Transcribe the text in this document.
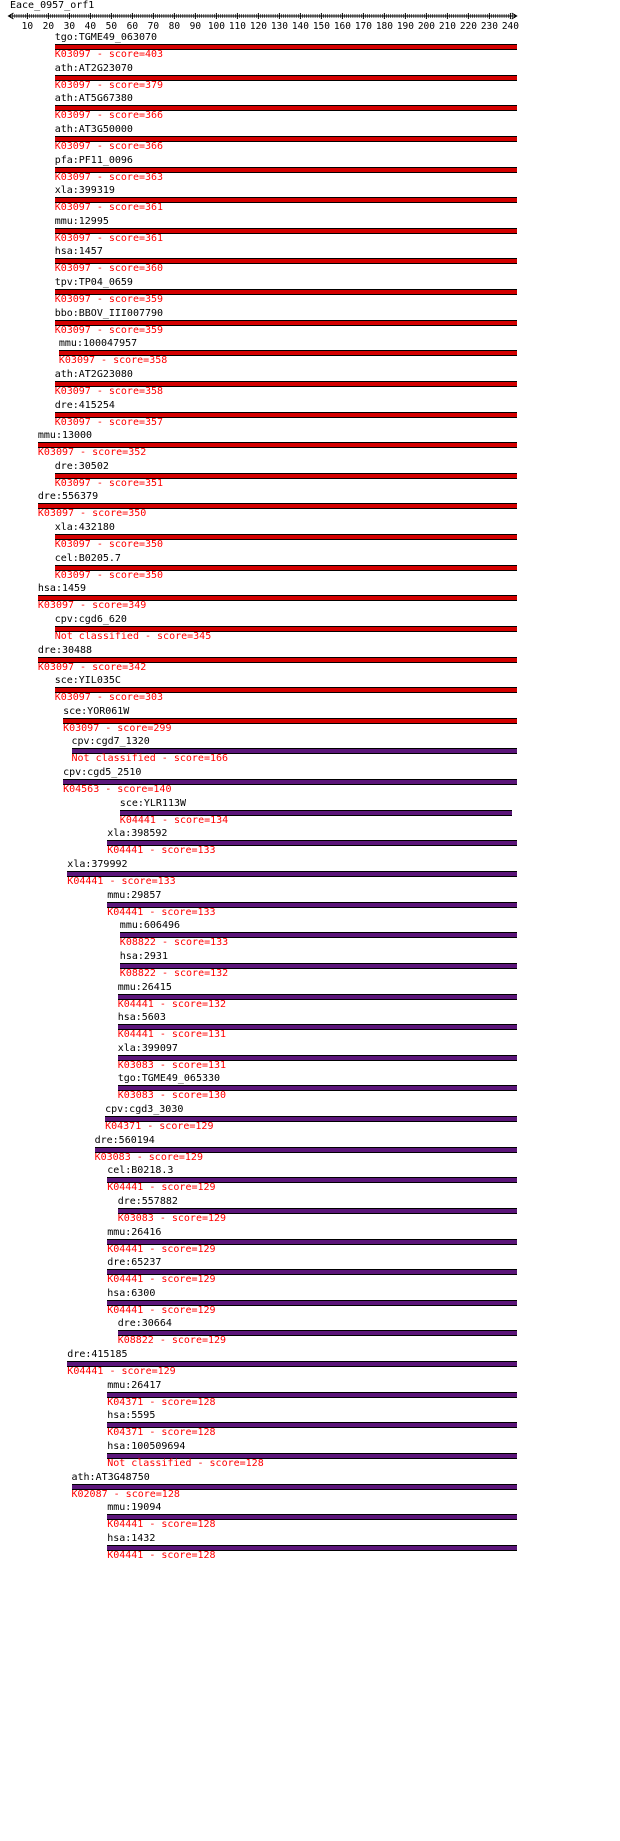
Eace_0957_orf1
10 20 30 40 50 60 70 80 90 100 110 120 130 140 150 160 170 180 190 200 210 220 230 240
tgo:TGME49_063070
K03097 - score=403
ath:AT2G23070
K03097 - score=379
ath:AT5G67380
K03097 - score=366
ath:AT3G50000
K03097 - score=366
pfa:PF11_0096
K03097 - score=363
xla:399319
K03097 - score=361
mmu:12995
K03097 - score=361
hsa:1457
K03097 - score=360
tpv:TP04_0659
K03097 - score=359
bbo:BBOV_III007790
K03097 - score=359
mmu:100047957
K03097 - score=358
ath:AT2G23080
K03097 - score=358
dre:415254
K03097 - score=357
mmu:13000
K03097 - score=352
dre:30502
K03097 - score=351
dre:556379
K03097 - score=350
xla:432180
K03097 - score=350
cel:B0205.7
K03097 - score=350
hsa:1459
K03097 - score=349
cpv:cgd6_620
Not classified - score=345
dre:30488
K03097 - score=342
sce:YIL035C
K03097 - score=303
sce:YOR061W
K03097 - score=299
cpv:cgd7_1320
Not classified - score=166
cpv:cgd5_2510
K04563 - score=140
sce:YLR113W
K04441 - score=134
xla:398592
K04441 - score=133
xla:379992
K04441 - score=133
mmu:29857
K04441 - score=133
mmu:606496
K08822 - score=133
hsa:2931
K08822 - score=132
mmu:26415
K04441 - score=132
hsa:5603
K04441 - score=131
xla:399097
K03083 - score=131
tgo:TGME49_065330
K03083 - score=130
cpv:cgd3_3030
K04371 - score=129
dre:560194
K03083 - score=129
cel:B0218.3
K04441 - score=129
dre:557882
K03083 - score=129
mmu:26416
K04441 - score=129
dre:65237
K04441 - score=129
hsa:6300
K04441 - score=129
dre:30664
K08822 - score=129
dre:415185
K04441 - score=129
mmu:26417
K04371 - score=128
hsa:5595
K04371 - score=128
hsa:100509694
Not classified - score=128
ath:AT3G48750
K02087 - score=128
mmu:19094
K04441 - score=128
hsa:1432
K04441 - score=128
